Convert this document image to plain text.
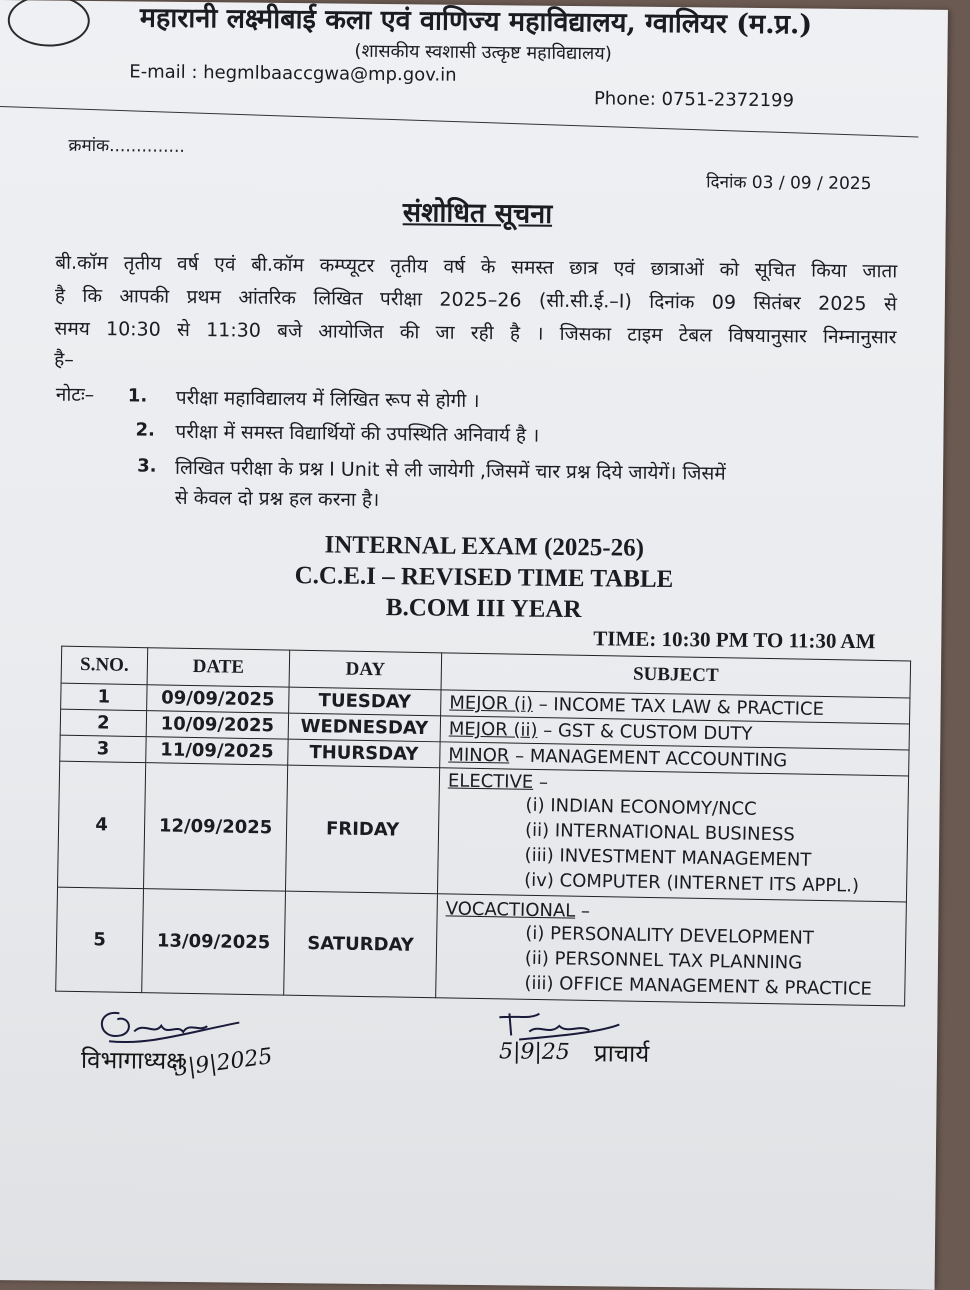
महारानी लक्ष्मीबाई कला एवं वाणिज्य महाविद्यालय, ग्वालियर (म.प्र.)
(शासकीय स्वशासी उत्कृष्ट महाविद्यालय)
E-mail : hegmlbaaccgwa@mp.gov.in
Phone: 0751-2372199
क्रमांक..............
दिनांक 03 / 09 / 2025
संशोधित सूचना
बी.कॉम तृतीय वर्ष एवं बी.कॉम कम्प्यूटर तृतीय वर्ष के समस्त छात्र एवं छात्राओं को सूचित किया जाता
है कि आपकी प्रथम आंतरिक लिखित परीक्षा 2025–26 (सी.सी.ई.–I) दिनांक 09 सितंबर 2025 से
समय 10:30 से 11:30 बजे आयोजित की जा रही है । जिसका टाइम टेबल विषयानुसार निम्नानुसार
है–
नोटः– 1. परीक्षा महाविद्यालय में लिखित रूप से होगी ।
2. परीक्षा में समस्त विद्यार्थियों की उपस्थिति अनिवार्य है ।
3. लिखित परीक्षा के प्रश्न I Unit से ली जायेगी ,जिसमें चार प्रश्न दिये जायेगें। जिसमें
से केवल दो प्रश्न हल करना है।
INTERNAL EXAM (2025-26)
C.C.E.I – REVISED TIME TABLE
B.COM III YEAR
TIME: 10:30 PM TO 11:30 AM
S.NO.	DATE	DAY	SUBJECT
1	09/09/2025	TUESDAY	MEJOR (i) – INCOME TAX LAW & PRACTICE
2	10/09/2025	WEDNESDAY	MEJOR (ii) – GST & CUSTOM DUTY
3	11/09/2025	THURSDAY	MINOR – MANAGEMENT ACCOUNTING
4	12/09/2025	FRIDAY	ELECTIVE –
(i) INDIAN ECONOMY/NCC
(ii) INTERNATIONAL BUSINESS
(iii) INVESTMENT MANAGEMENT
(iv) COMPUTER (INTERNET ITS APPL.)

5	13/09/2025	SATURDAY	VOCACTIONAL –
(i) PERSONALITY DEVELOPMENT
(ii) PERSONNEL TAX PLANNING
(iii) OFFICE MANAGEMENT & PRACTICE
विभागाध्यक्ष
3|9|2025	5|9|25 प्राचार्य
